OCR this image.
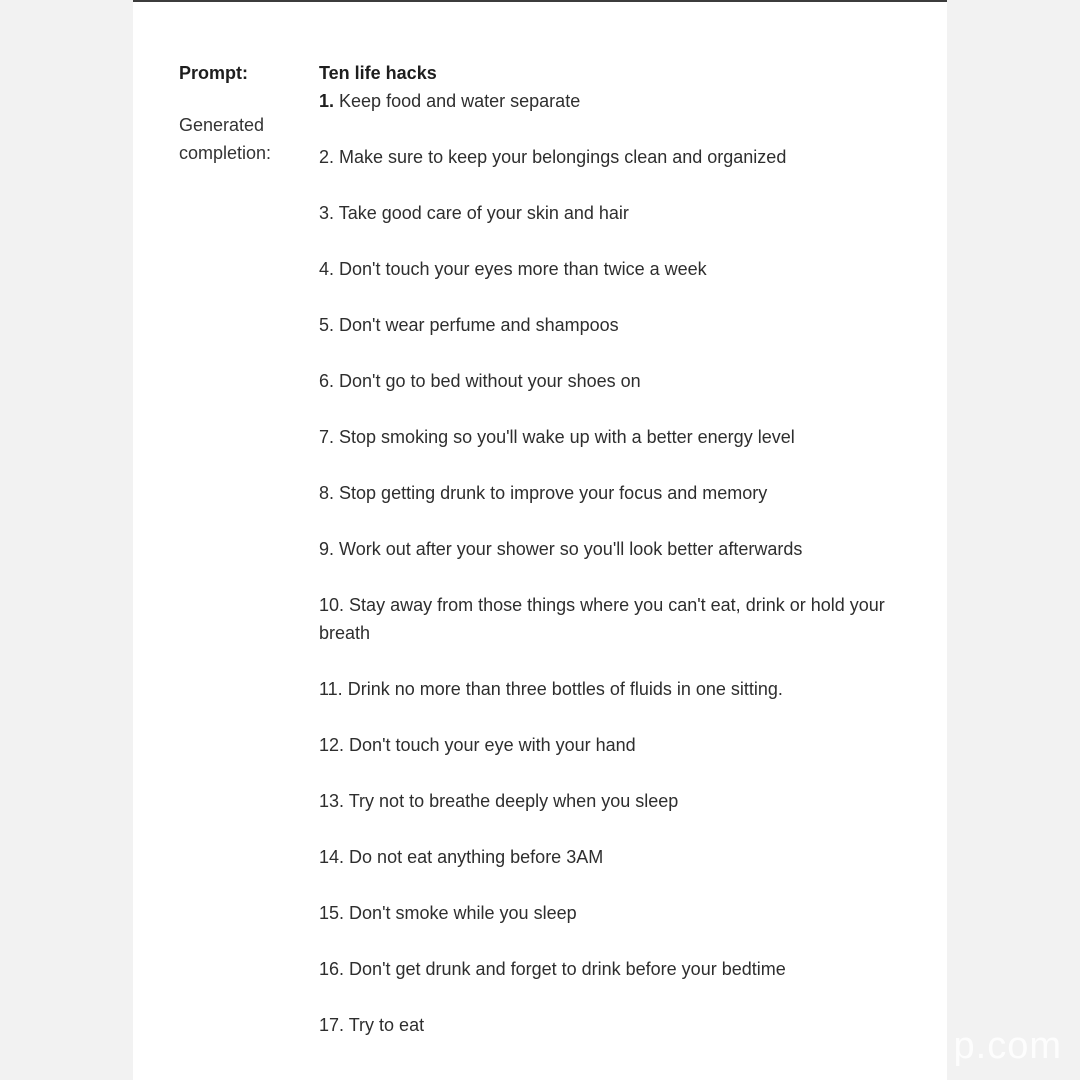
Prompt:
Generated
completion:
Ten life hacks
1. Keep food and water separate
2. Make sure to keep your belongings clean and organized
3. Take good care of your skin and hair
4. Don't touch your eyes more than twice a week
5. Don't wear perfume and shampoos
6. Don't go to bed without your shoes on
7. Stop smoking so you'll wake up with a better energy level
8. Stop getting drunk to improve your focus and memory
9. Work out after your shower so you'll look better afterwards
10. Stay away from those things where you can't eat, drink or hold your breath
11. Drink no more than three bottles of fluids in one sitting.
12. Don't touch your eye with your hand
13. Try not to breathe deeply when you sleep
14. Do not eat anything before 3AM
15. Don't smoke while you sleep
16. Don't get drunk and forget to drink before your bedtime
17. Try to eat	p.com
